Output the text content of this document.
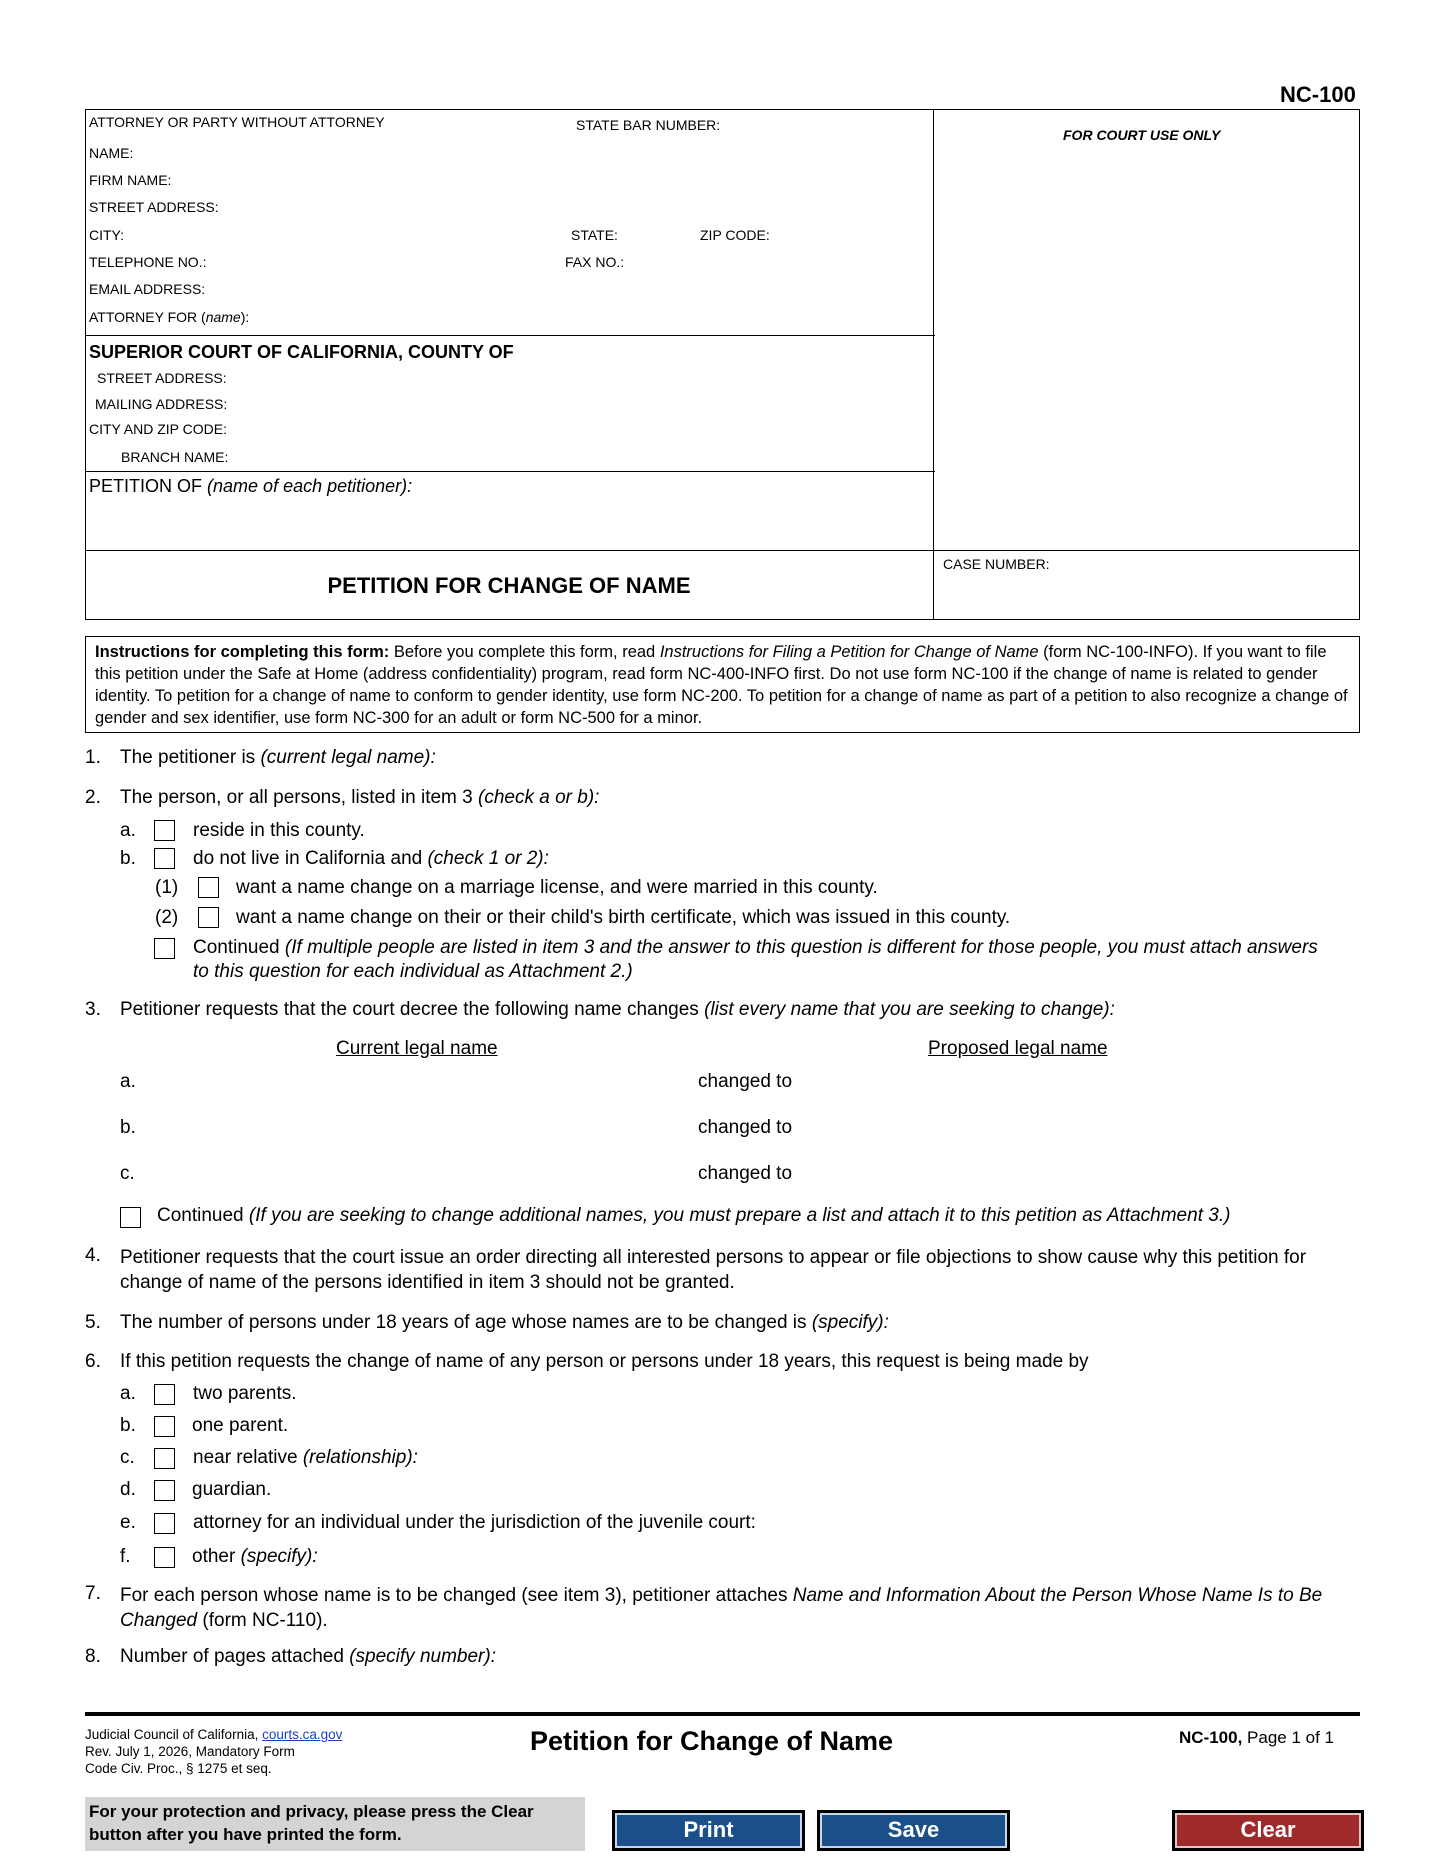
NC-100
ATTORNEY OR PARTY WITHOUT ATTORNEY	STATE BAR NUMBER:
FOR COURT USE ONLY
NAME:
FIRM NAME:
STREET ADDRESS:
CITY:	STATE:	ZIP CODE:
TELEPHONE NO.:	FAX NO.:
EMAIL ADDRESS:
ATTORNEY FOR (name):
SUPERIOR COURT OF CALIFORNIA, COUNTY OF
STREET ADDRESS:
MAILING ADDRESS:
CITY AND ZIP CODE:
BRANCH NAME:
PETITION OF (name of each petitioner):
CASE NUMBER:
PETITION FOR CHANGE OF NAME
Instructions for completing this form: Before you complete this form, read Instructions for Filing a Petition for Change of Name (form NC-100-INFO). If you want to file this petition under the Safe at Home (address confidentiality) program, read form NC-400-INFO first. Do not use form NC-100 if the change of name is related to gender identity. To petition for a change of name to conform to gender identity, use form NC-200. To petition for a change of name as part of a petition to also recognize a change of gender and sex identifier, use form NC-300 for an adult or form NC-500 for a minor.
1. The petitioner is (current legal name):
2. The person, or all persons, listed in item 3 (check a or b):
a.	reside in this county.
b.	do not live in California and (check 1 or 2):
(1)	want a name change on a marriage license, and were married in this county.
(2)	want a name change on their or their child's birth certificate, which was issued in this county.
Continued (If multiple people are listed in item 3 and the answer to this question is different for those people, you must attach answers to this question for each individual as Attachment 2.)
3. Petitioner requests that the court decree the following name changes (list every name that you are seeking to change):
Current legal name	Proposed legal name
a.	changed to
b.	changed to
c.	changed to
Continued (If you are seeking to change additional names, you must prepare a list and attach it to this petition as Attachment 3.)
4. Petitioner requests that the court issue an order directing all interested persons to appear or file objections to show cause why this petition for change of name of the persons identified in item 3 should not be granted.
5. The number of persons under 18 years of age whose names are to be changed is (specify):
6. If this petition requests the change of name of any person or persons under 18 years, this request is being made by
a.	two parents.
b.	one parent.
c.	near relative (relationship):
d.	guardian.
e.	attorney for an individual under the jurisdiction of the juvenile court:
f.	other (specify):
7. For each person whose name is to be changed (see item 3), petitioner attaches Name and Information About the Person Whose Name Is to Be Changed (form NC-110).
8. Number of pages attached (specify number):
Judicial Council of California, courts.ca.gov
Rev. July 1, 2026, Mandatory Form
Code Civ. Proc., § 1275 et seq.
Petition for Change of Name	NC-100, Page 1 of 1
For your protection and privacy, please press the Clear button after you have printed the form.	Print	Save	Clear
